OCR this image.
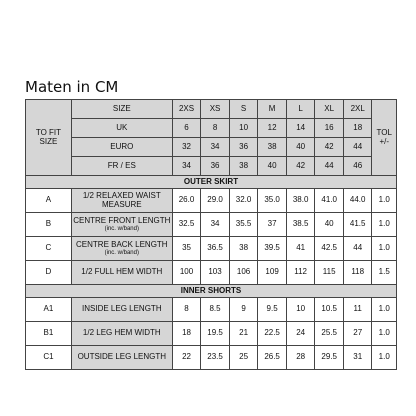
Maten in CM
TO FIT
SIZE	SIZE	2XS	XS	S	M	L	XL	2XL	TOL
+/-
	UK	6	8	10	12	14	16	18	
	EURO	32	34	36	38	40	42	44	
	FR / ES	34	36	38	40	42	44	46	
OUTER SKIRT									
A	1/2 RELAXED WAIST MEASURE	26.0	29.0	32.0	35.0	38.0	41.0	44.0	1.0
B	CENTRE FRONT LENGTH
(inc. w/band)	32.5	34	35.5	37	38.5	40	41.5	1.0
C	CENTRE BACK LENGTH
(inc. w/band)	35	36.5	38	39.5	41	42.5	44	1.0
D	1/2 FULL HEM WIDTH	100	103	106	109	112	115	118	1.5
INNER SHORTS									
A1	INSIDE LEG LENGTH	8	8.5	9	9.5	10	10.5	11	1.0
B1	1/2 LEG HEM WIDTH	18	19.5	21	22.5	24	25.5	27	1.0
C1	OUTSIDE LEG LENGTH	22	23.5	25	26.5	28	29.5	31	1.0
